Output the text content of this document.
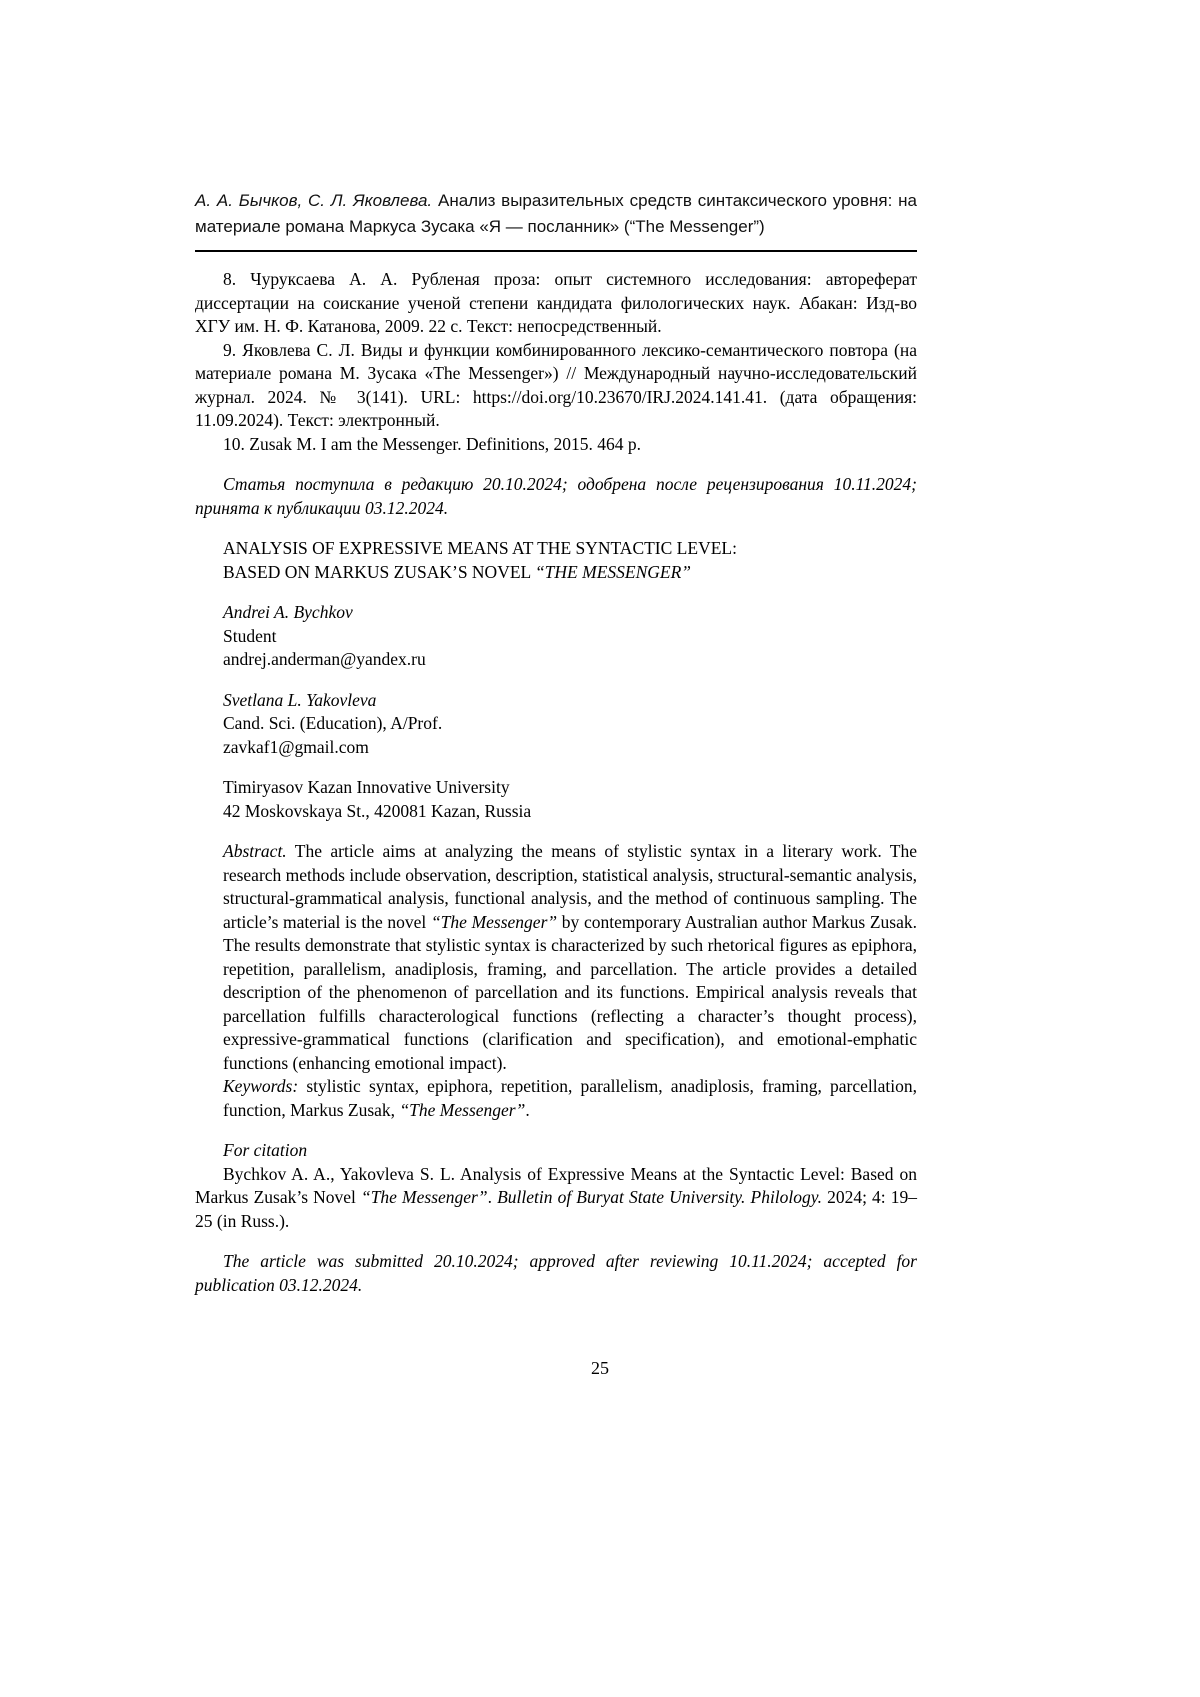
А. А. Бычков, С. Л. Яковлева. Анализ выразительных средств синтаксического уровня: на материале романа Маркуса Зусака «Я — посланник» (“The Messenger”)

8. Чуруксаева А. А. Рубленая проза: опыт системного исследования: автореферат диссертации на соискание ученой степени кандидата филологических наук. Абакан: Изд-во ХГУ им. Н. Ф. Катанова, 2009. 22 с. Текст: непосредственный.

9. Яковлева С. Л. Виды и функции комбинированного лексико-семантического повтора (на материале романа М. Зусака «The Messenger») // Международный научно-исследовательский журнал. 2024. № 3(141). URL: https://doi.org/10.23670/IRJ.2024.141.41. (дата обращения: 11.09.2024). Текст: электронный.

10. Zusak M. I am the Messenger. Definitions, 2015. 464 p.

Статья поступила в редакцию 20.10.2024; одобрена после рецензирования 10.11.2024; принята к публикации 03.12.2024.

ANALYSIS OF EXPRESSIVE MEANS AT THE SYNTACTIC LEVEL:

BASED ON MARKUS ZUSAK’S NOVEL “THE MESSENGER”

Andrei A. Bychkov

Student

andrej.anderman@yandex.ru

Svetlana L. Yakovleva

Cand. Sci. (Education), A/Prof.

zavkaf1@gmail.com

Timiryasov Kazan Innovative University

42 Moskovskaya St., 420081 Kazan, Russia

Abstract. The article aims at analyzing the means of stylistic syntax in a literary work. The research methods include observation, description, statistical analysis, structural-semantic analysis, structural-grammatical analysis, functional analysis, and the method of continuous sampling. The article’s material is the novel “The Messenger” by contemporary Australian author Markus Zusak. The results demonstrate that stylistic syntax is characterized by such rhetorical figures as epiphora, repetition, parallelism, anadiplosis, framing, and parcellation. The article provides a detailed description of the phenomenon of parcellation and its functions. Empirical analysis reveals that parcellation fulfills characterological functions (reflecting a character’s thought process), expressive-grammatical functions (clarification and specification), and emotional-emphatic functions (enhancing emotional impact).

Keywords: stylistic syntax, epiphora, repetition, parallelism, anadiplosis, framing, parcellation, function, Markus Zusak, “The Messenger”.

For citation

Bychkov A. A., Yakovleva S. L. Analysis of Expressive Means at the Syntactic Level: Based on Markus Zusak’s Novel “The Messenger”. Bulletin of Buryat State University. Philology. 2024; 4: 19–25 (in Russ.).

The article was submitted 20.10.2024; approved after reviewing 10.11.2024; accepted for publication 03.12.2024.

25
